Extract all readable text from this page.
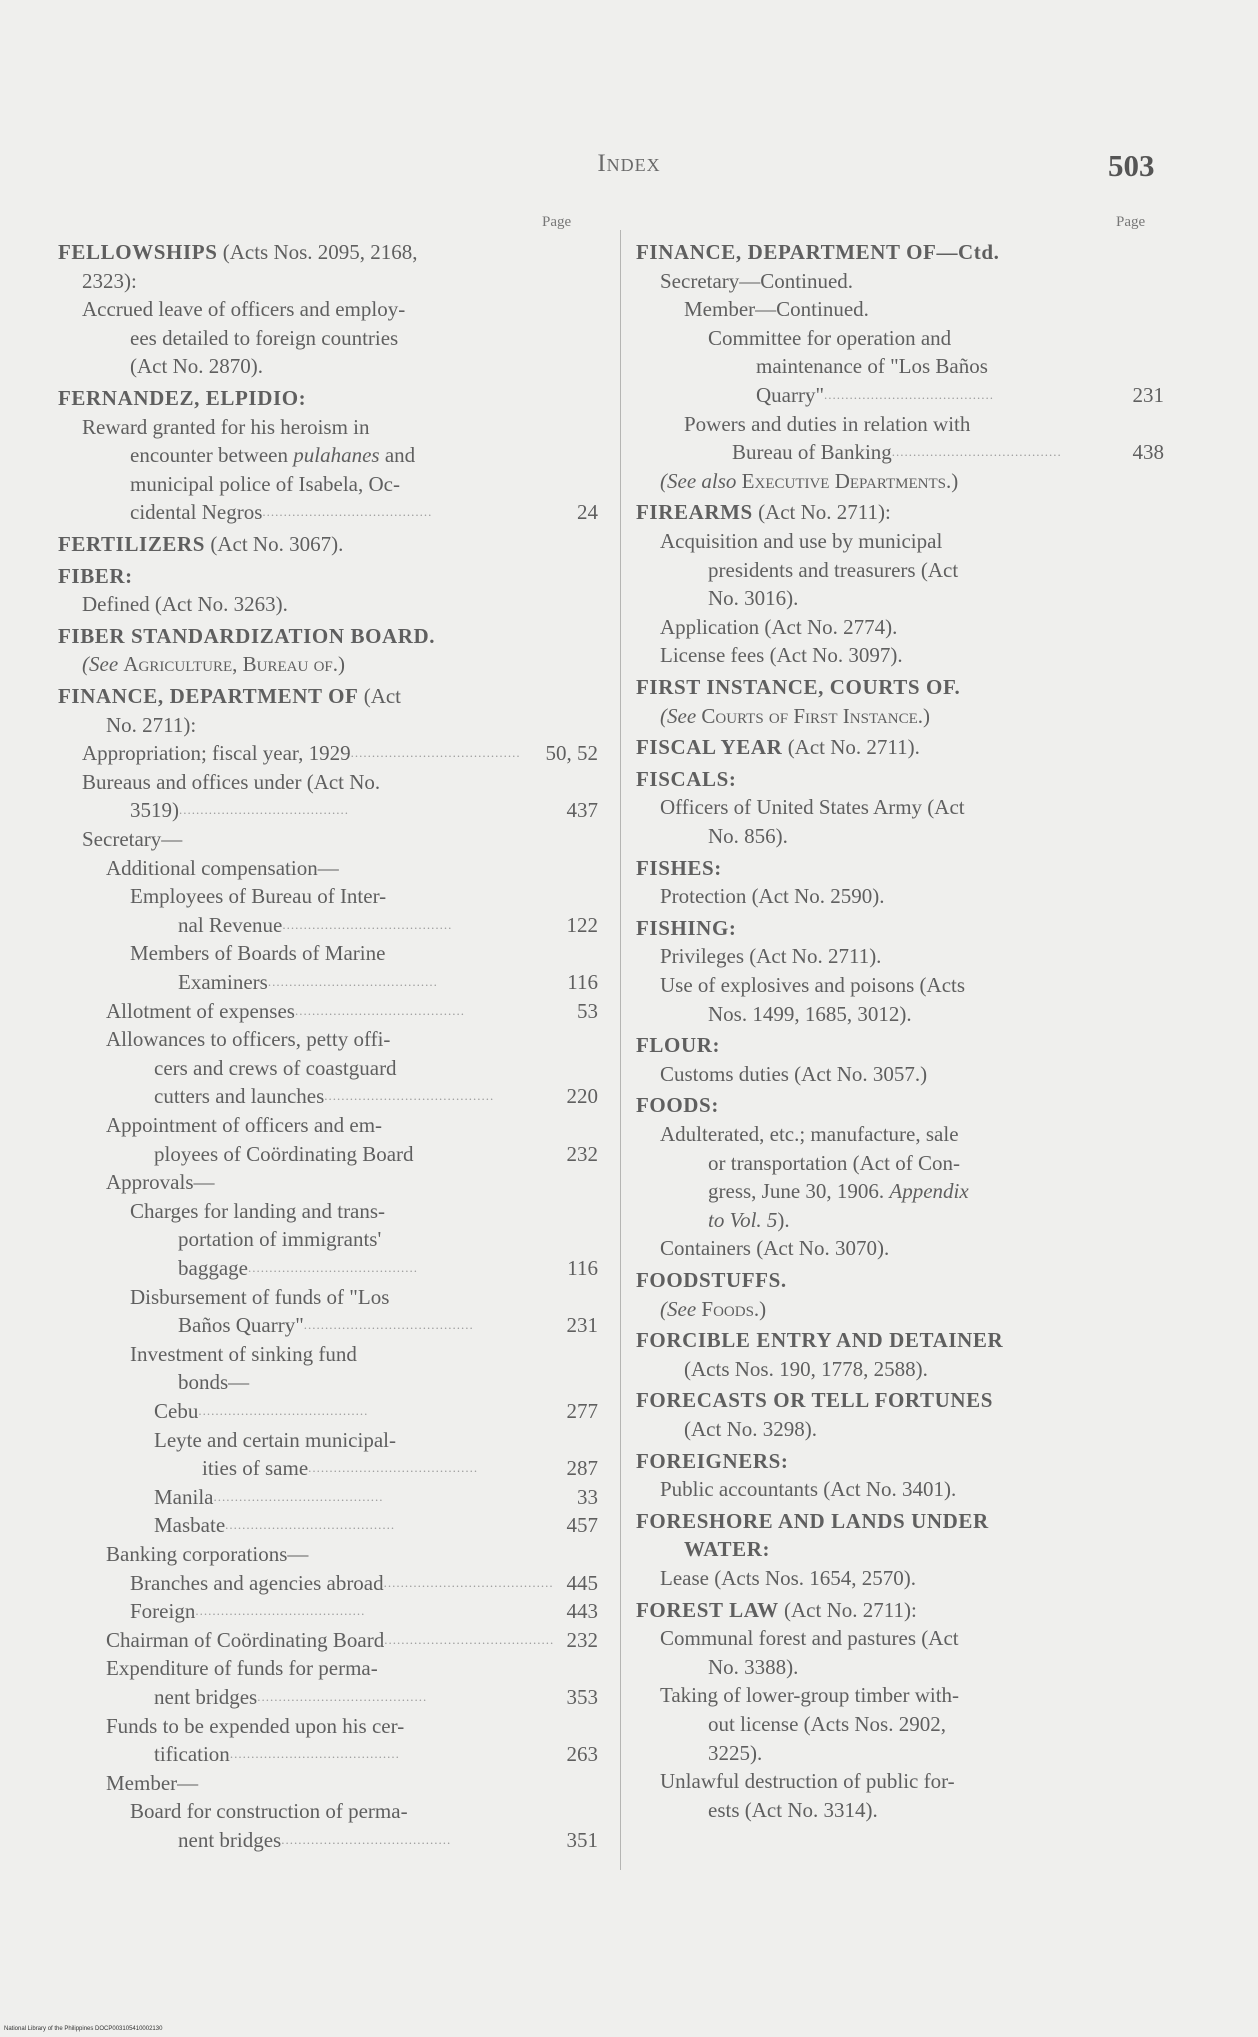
Index	503
Page
FELLOWSHIPS (Acts Nos. 2095, 2168,
2323):
Accrued leave of officers and employ-
ees detailed to foreign countries
(Act No. 2870).
FERNANDEZ, ELPIDIO:
Reward granted for his heroism in
encounter between pulahanes and
municipal police of Isabela, Oc-
cidental Negros........................................	24
FERTILIZERS (Act No. 3067).
FIBER:
Defined (Act No. 3263).
FIBER STANDARDIZATION BOARD.
(See Agriculture, Bureau of.)
FINANCE, DEPARTMENT OF (Act
No. 2711):
Appropriation; fiscal year, 1929........................................ 50, 52
Bureaus and offices under (Act No.
3519)........................................	437
Secretary—
Additional compensation—
Employees of Bureau of Inter-
nal Revenue........................................	122
Members of Boards of Marine
Examiners........................................	116
Allotment of expenses........................................	53
Allowances to officers, petty offi-
cers and crews of coastguard
cutters and launches........................................	220
Appointment of officers and em-
ployees of Coördinating Board	232
Approvals—
Charges for landing and trans-
portation of immigrants'
baggage........................................	116
Disbursement of funds of "Los
Baños Quarry"........................................	231
Investment of sinking fund
bonds—
Cebu........................................	277
Leyte and certain municipal-
ities of same........................................	287
Manila........................................	33
Masbate........................................	457
Banking corporations—
Branches and agencies abroad........................................ 445
Foreign........................................	443
Chairman of Coördinating Board........................................ 232
Expenditure of funds for perma-
nent bridges........................................	353
Funds to be expended upon his cer-
tification........................................	263
Member—
Board for construction of perma-
nent bridges........................................	351
Page
FINANCE, DEPARTMENT OF—Ctd.
Secretary—Continued.
Member—Continued.
Committee for operation and
maintenance of "Los Baños
Quarry"........................................	231
Powers and duties in relation with
Bureau of Banking........................................	438
(See also Executive Departments.)
FIREARMS (Act No. 2711):
Acquisition and use by municipal
presidents and treasurers (Act
No. 3016).
Application (Act No. 2774).
License fees (Act No. 3097).
FIRST INSTANCE, COURTS OF.
(See Courts of First Instance.)
FISCAL YEAR (Act No. 2711).
FISCALS:
Officers of United States Army (Act
No. 856).
FISHES:
Protection (Act No. 2590).
FISHING:
Privileges (Act No. 2711).
Use of explosives and poisons (Acts
Nos. 1499, 1685, 3012).
FLOUR:
Customs duties (Act No. 3057.)
FOODS:
Adulterated, etc.; manufacture, sale
or transportation (Act of Con-
gress, June 30, 1906. Appendix
to Vol. 5).
Containers (Act No. 3070).
FOODSTUFFS.
(See Foods.)
FORCIBLE ENTRY AND DETAINER
(Acts Nos. 190, 1778, 2588).
FORECASTS OR TELL FORTUNES
(Act No. 3298).
FOREIGNERS:
Public accountants (Act No. 3401).
FORESHORE AND LANDS UNDER
WATER:
Lease (Acts Nos. 1654, 2570).
FOREST LAW (Act No. 2711):
Communal forest and pastures (Act
No. 3388).
Taking of lower-group timber with-
out license (Acts Nos. 2902,
3225).
Unlawful destruction of public for-
ests (Act No. 3314).
National Library of the Philippines DOCP003105410002130
